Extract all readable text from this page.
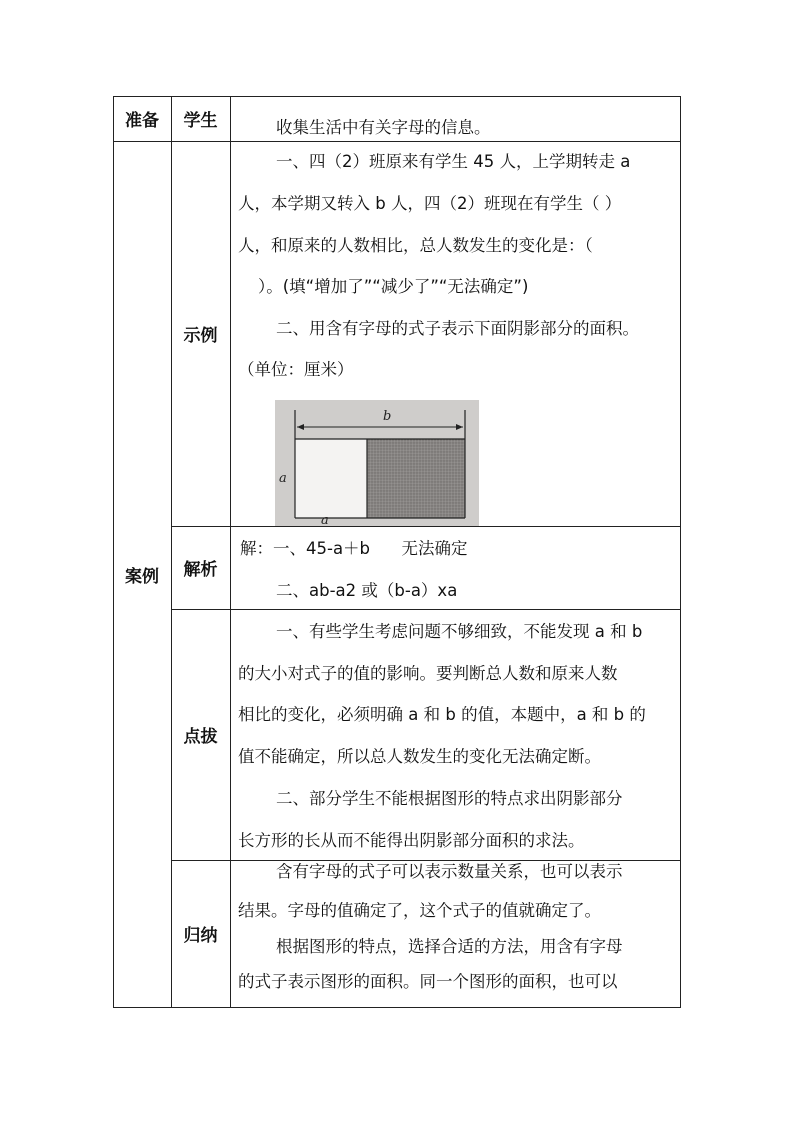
准备	学生	收集生活中有关字母的信息。
案例
示例
一、四（2）班原来有学生 45 人，上学期转走 a
人，本学期又转入 b 人，四（2）班现在有学生（ ）
人，和原来的人数相比，总人数发生的变化是：（
）。(填“增加了”“减少了”“无法确定”)
二、用含有字母的式子表示下面阴影部分的面积。
（单位：厘米）
b
a
a
解析
解：一、45-a＋b      无法确定
二、ab-a2 或（b-a）xa
点拔
一、有些学生考虑问题不够细致，不能发现 a 和 b
的大小对式子的值的影响。要判断总人数和原来人数
相比的变化，必须明确 a 和 b 的值，本题中，a 和 b 的
值不能确定，所以总人数发生的变化无法确定断。
二、部分学生不能根据图形的特点求出阴影部分
长方形的长从而不能得出阴影部分面积的求法。
归纳
含有字母的式子可以表示数量关系，也可以表示
结果。字母的值确定了，这个式子的值就确定了。
根据图形的特点，选择合适的方法，用含有字母
的式子表示图形的面积。同一个图形的面积，也可以
